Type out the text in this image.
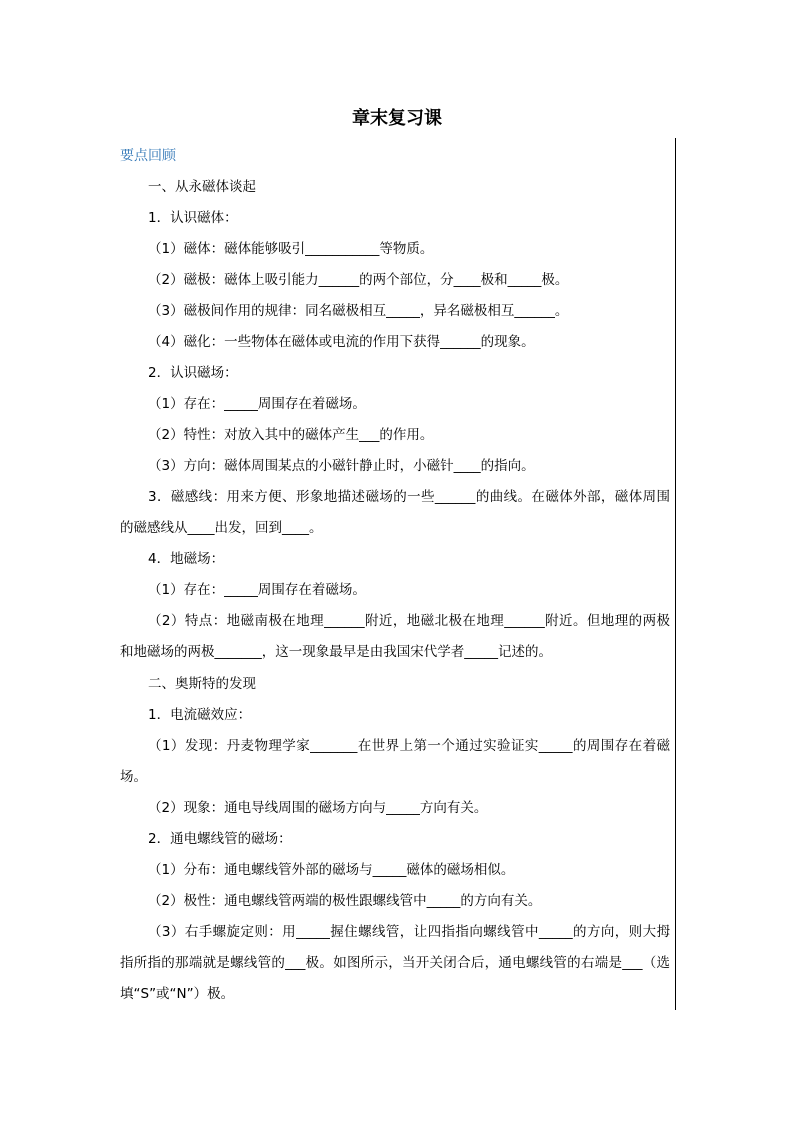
章末复习课
要点回顾
一、从永磁体谈起
1．认识磁体：
（1）磁体：磁体能够吸引___________等物质。
（2）磁极：磁体上吸引能力______的两个部位，分____极和_____极。
（3）磁极间作用的规律：同名磁极相互_____，异名磁极相互______。
（4）磁化：一些物体在磁体或电流的作用下获得______的现象。
2．认识磁场：
（1）存在：_____周围存在着磁场。
（2）特性：对放入其中的磁体产生___的作用。
（3）方向：磁体周围某点的小磁针静止时，小磁针____的指向。
3．磁感线：用来方便、形象地描述磁场的一些______的曲线。在磁体外部，磁体周围
的磁感线从____出发，回到____。
4．地磁场：
（1）存在：_____周围存在着磁场。
（2）特点：地磁南极在地理______附近，地磁北极在地理______附近。但地理的两极
和地磁场的两极_______，这一现象最早是由我国宋代学者_____记述的。
二、奥斯特的发现
1．电流磁效应：
（1）发现：丹麦物理学家_______在世界上第一个通过实验证实_____的周围存在着磁
场。
（2）现象：通电导线周围的磁场方向与_____方向有关。
2．通电螺线管的磁场：
（1）分布：通电螺线管外部的磁场与_____磁体的磁场相似。
（2）极性：通电螺线管两端的极性跟螺线管中_____的方向有关。
（3）右手螺旋定则：用_____握住螺线管，让四指指向螺线管中_____的方向，则大拇
指所指的那端就是螺线管的___极。如图所示，当开关闭合后，通电螺线管的右端是___（选
填“S”或“N”）极。
